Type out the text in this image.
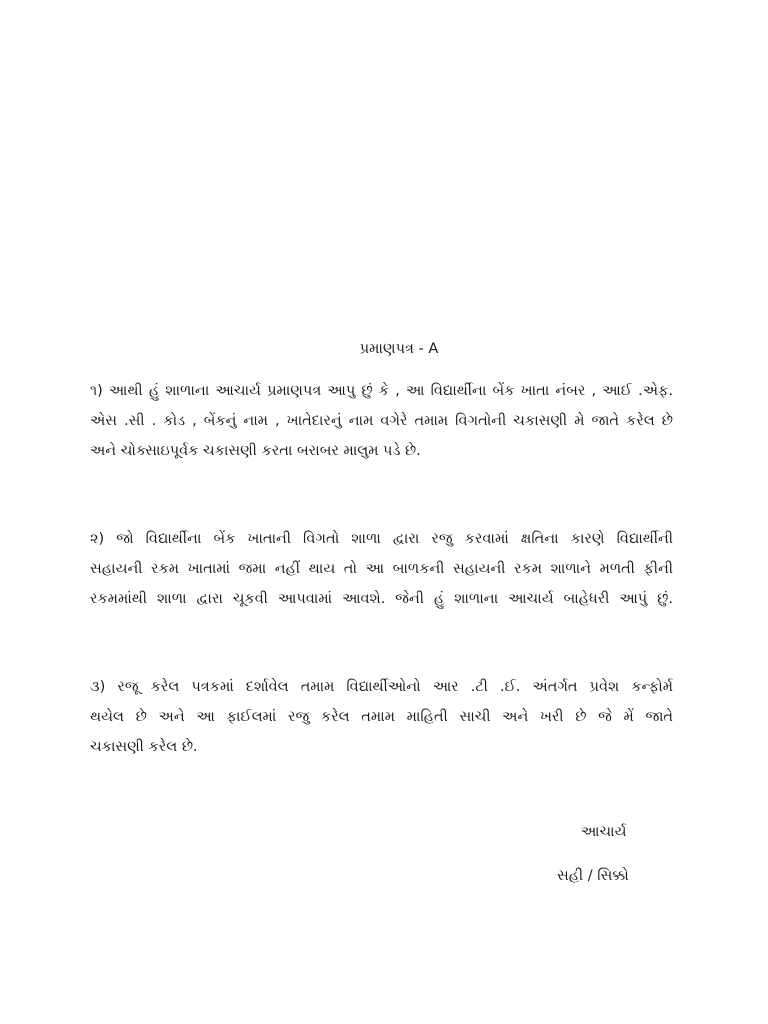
પ્રમાણપત્ર - A

૧) આથી હું શાળાના આચાર્ય પ્રમાણપત્ર આપુ છું કે , આ વિદ્યાર્થીના બેંક ખાતા નંબર , આઈ .એફ.
એસ .સી . કોડ , બેંકનું નામ , ખાતેદારનું નામ વગેરે તમામ વિગતોની ચકાસણી મે જાતે કરેલ છે
અને ચોક્સાઇપૂર્વક ચકાસણી કરતા બરાબર માલુમ પડે છે.

૨) જો વિદ્યાર્થીના બેંક ખાતાની વિગતો શાળા દ્વારા રજુ કરવામાં ક્ષતિના કારણે વિદ્યાર્થીની
સહાયની રકમ ખાતામાં જમા નહીં થાય તો આ બાળકની સહાયની રકમ શાળાને મળતી ફીની
રકમમાંથી શાળા દ્વારા ચૂકવી આપવામાં આવશે. જેની હું શાળાના આચાર્ય બાહેધરી આપું છું.

૩) રજૂ કરેલ પત્રકમાં દર્શાવેલ તમામ વિદ્યાર્થીઓનો આર .ટી .ઈ. અંતર્ગત પ્રવેશ કન્ફોર્મ
થયેલ છે અને આ ફાઈલમાં રજુ કરેલ તમામ માહિતી સાચી અને ખરી છે જે મેં જાતે
ચકાસણી કરેલ છે.

આચાર્ય
સહી / સિક્કો
